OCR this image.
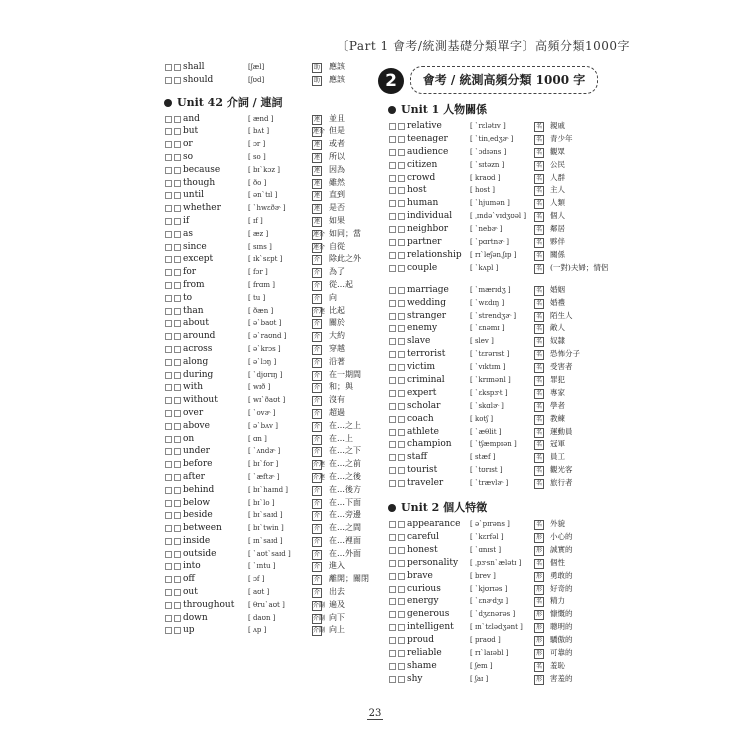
〔Part 1 會考/統測基礎分類單字〕高頻分類1000字
shall	[ʃæl]	助 應該
should	[ʃʊd]	助 應該
Unit 42 介詞 / 連詞
and	[ ænd ]	連 並且
but	[ bʌt ]	連介 但是
or	[ ɔr ]	連 或者
so	[ so ]	連 所以
because	[ bɪˋkɔz ]	連 因為
though	[ ðo ]	連 雖然
until	[ ənˋtɪl ]	連 直到
whether	[ ˋhwɛðɚ ]	連 是否
if	[ ɪf ]	連 如果
as	[ æz ]	連介 如同；當
since	[ sɪns ]	連介 自從
except	[ ɪkˋsɛpt ]	介 除此之外
for	[ fɔr ]	介 為了
from	[ frɑm ]	介 從…起
to	[ tu ]	介 向
than	[ ðæn ]	介連 比起
about	[ əˋbaʊt ]	介 關於
around	[ əˋraʊnd ]	介 大約
across	[ əˋkrɔs ]	介 穿越
along	[ əˋlɔŋ ]	介 沿著
during	[ ˋdjʊrɪŋ ]	介 在一期間
with	[ wɪð ]	介 和；與
without	[ wɪˋðaʊt ]	介 沒有
over	[ ˋovɚ ]	介 超過
above	[ əˋbʌv ]	介 在…之上
on	[ ɑn ]	介 在…上
under	[ ˋʌndɚ ]	介 在…之下
before	[ bɪˋfor ]	介連 在…之前
after	[ ˋæftɚ ]	介連 在…之後
behind	[ bɪˋhaɪnd ]	介 在…後方
below	[ bɪˋlo ]	介 在…下面
beside	[ bɪˋsaɪd ]	介 在…旁邊
between	[ bɪˋtwin ]	介 在…之間
inside	[ ɪnˋsaɪd ]	介 在…裡面
outside	[ ˋaʊtˋsaɪd ]	介 在…外面
into	[ ˋɪntu ]	介 進入
off	[ ɔf ]	介 離開；關閉
out	[ aʊt ]	介 出去
throughout [ θruˋaʊt ]	介副 遍及
down	[ daʊn ]	介副 向下
up	[ ʌp ]	介副 向上
2	會考 / 統測高頻分類 1000 字
Unit 1 人物關係
relative	[ ˋrɛlətɪv ]	名 親戚
teenager	[ ˋtinˌedʒɚ ]	名 青少年
audience	[ ˋɔdɪəns ]	名 觀眾
citizen	[ ˋsɪtəzn ]	名 公民
crowd	[ kraʊd ]	名 人群
host	[ host ]	名 主人
human	[ ˋhjumən ]	名 人類
individual	[ ˌɪndəˋvɪdʒʊəl ]	名 個人
neighbor	[ ˋnebɚ ]	名 鄰居
partner	[ ˋpɑrtnɚ ]	名 夥伴
relationship [ rɪˋleʃənˌʃɪp ]	名 關係
couple	[ ˋkʌpl ]	名 (一對)夫婦；情侶
marriage	[ ˋmærɪdʒ ]	名 婚姻
wedding	[ ˋwɛdɪŋ ]	名 婚禮
stranger	[ ˋstrendʒɚ ]	名 陌生人
enemy	[ ˋɛnəmɪ ]	名 敵人
slave	[ slev ]	名 奴隸
terrorist	[ ˋtɛrərɪst ]	名 恐怖分子
victim	[ ˋvɪktɪm ]	名 受害者
criminal	[ ˋkrɪmənl ]	名 罪犯
expert	[ ˋɛkspɝt ]	名 專家
scholar	[ ˋskɑlɚ ]	名 學者
coach	[ kotʃ ]	名 教練
athlete	[ ˋæθlit ]	名 運動員
champion	[ ˋtʃæmpɪən ]	名 冠軍
staff	[ stæf ]	名 員工
tourist	[ ˋtʊrɪst ]	名 觀光客
traveler	[ ˋtrævlɚ ]	名 旅行者
Unit 2 個人特徵
appearance [ əˋpɪrəns ]	名 外貌
careful	[ ˋkɛrfəl ]	形 小心的
honest	[ ˋɑnɪst ]	形 誠實的
personality [ ˌpɝsnˋælətɪ ]	名 個性
brave	[ brev ]	形 勇敢的
curious	[ ˋkjʊrɪəs ]	形 好奇的
energy	[ ˋɛnɚdʒɪ ]	名 精力
generous	[ ˋdʒɛnərəs ]	形 慷慨的
intelligent [ ɪnˋtɛlədʒənt ]	形 聰明的
proud	[ praʊd ]	形 驕傲的
reliable	[ rɪˋlaɪəbl ]	形 可靠的
shame	[ ʃem ]	名 羞恥
shy	[ ʃaɪ ]	形 害羞的
23
